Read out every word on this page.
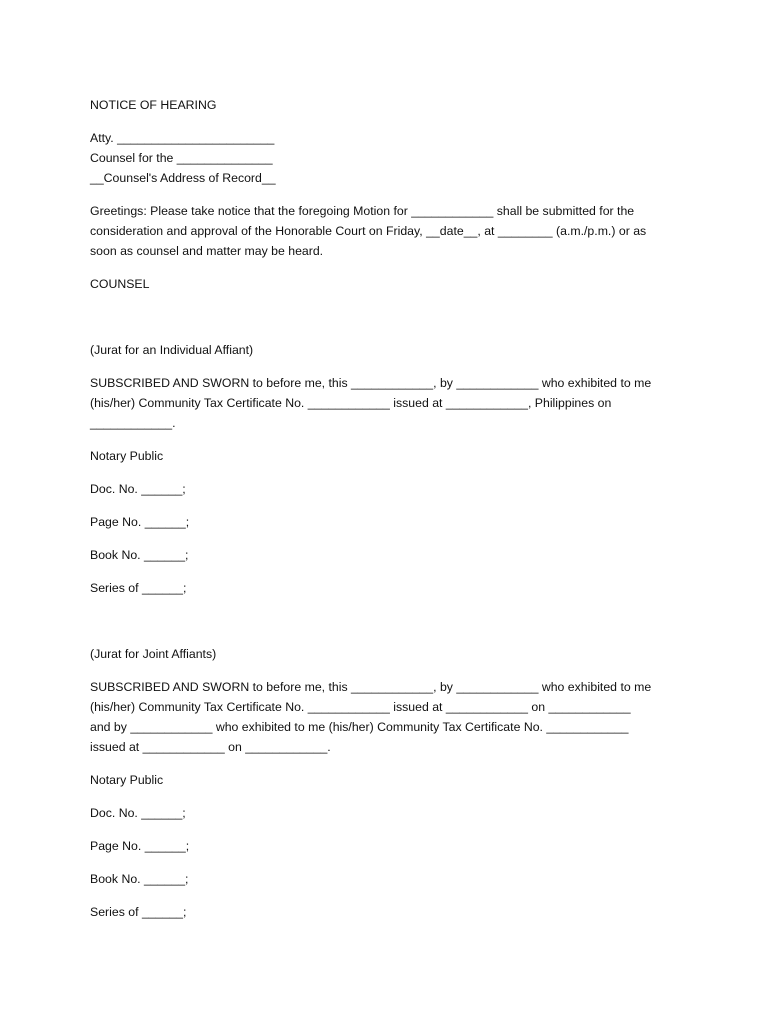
NOTICE OF HEARING
Atty. _______________________
Counsel for the ______________
__Counsel's Address of Record__
Greetings: Please take notice that the foregoing Motion for ____________ shall be submitted for the
consideration and approval of the Honorable Court on Friday, __date__, at ________ (a.m./p.m.) or as
soon as counsel and matter may be heard.
COUNSEL
(Jurat for an Individual Affiant)
SUBSCRIBED AND SWORN to before me, this ____________, by ____________ who exhibited to me
(his/her) Community Tax Certificate No. ____________ issued at ____________, Philippines on
____________.
Notary Public
Doc. No. ______;
Page No. ______;
Book No. ______;
Series of ______;
(Jurat for Joint Affiants)
SUBSCRIBED AND SWORN to before me, this ____________, by ____________ who exhibited to me
(his/her) Community Tax Certificate No. ____________ issued at ____________ on ____________
and by ____________ who exhibited to me (his/her) Community Tax Certificate No. ____________
issued at ____________ on ____________.
Notary Public
Doc. No. ______;
Page No. ______;
Book No. ______;
Series of ______;
